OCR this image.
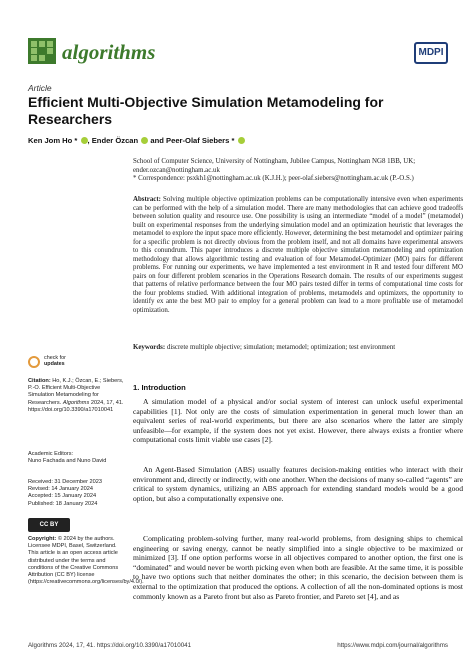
algorithms	MDPI
Article
Efficient Multi-Objective Simulation Metamodeling for Researchers
Ken Jom Ho * , Ender Özcan and Peer-Olaf Siebers *
School of Computer Science, University of Nottingham, Jubilee Campus, Nottingham NG8 1BB, UK;
ender.ozcan@nottingham.ac.uk
* Correspondence: psxkh1@nottingham.ac.uk (K.J.H.); peer-olaf.siebers@nottingham.ac.uk (P.-O.S.)
Abstract: Solving multiple objective optimization problems can be computationally intensive even when experiments can be performed with the help of a simulation model. There are many methodologies that can achieve good tradeoffs between solution quality and resource use. One possibility is using an intermediate “model of a model” (metamodel) built on experimental responses from the underlying simulation model and an optimization heuristic that leverages the metamodel to explore the input space more efficiently. However, determining the best metamodel and optimizer pairing for a specific problem is not directly obvious from the problem itself, and not all domains have experimental answers to this conundrum. This paper introduces a discrete multiple objective simulation metamodeling and optimization methodology that allows algorithmic testing and evaluation of four Metamodel-Optimizer (MO) pairs for different problems. For running our experiments, we have implemented a test environment in R and tested four different MO pairs on four different problem scenarios in the Operations Research domain. The results of our experiments suggest that patterns of relative performance between the four MO pairs tested differ in terms of computational time costs for the four problems studied. With additional integration of problems, metamodels and optimizers, the opportunity to identify ex ante the best MO pair to employ for a general problem can lead to a more profitable use of metamodel optimization.
Keywords: discrete multiple objective; simulation; metamodel; optimization; test environment
check for
updates
Citation: Ho, K.J.; Özcan, E.; Siebers, P.-O. Efficient Multi-Objective Simulation Metamodeling for Researchers. Algorithms 2024, 17, 41. https://doi.org/10.3390/a17010041
Academic Editors:
Nuno Fachada and Nuno David
Received: 31 December 2023
Revised: 14 January 2024
Accepted: 15 January 2024
Published: 18 January 2024
CC BY
Copyright: © 2024 by the authors. Licensee MDPI, Basel, Switzerland. This article is an open access article distributed under the terms and conditions of the Creative Commons Attribution (CC BY) license (https://creativecommons.org/licenses/by/4.0/).
1. Introduction
A simulation model of a physical and/or social system of interest can unlock useful experimental capabilities [1]. Not only are the costs of simulation experimentation in general much lower than an equivalent series of real-world experiments, but there are also scenarios where the latter are simply unfeasible—for example, if the system does not yet exist. However, there always exists a frontier where computational costs limit viable use cases [2].
An Agent-Based Simulation (ABS) usually features decision-making entities who interact with their environment and, directly or indirectly, with one another. When the decisions of many so-called “agents” are critical to system dynamics, utilizing an ABS approach for extending standard models would be a good option, but also a computationally expensive one.
Complicating problem-solving further, many real-world problems, from designing ships to chemical engineering or saving energy, cannot be neatly simplified into a single objective to be maximized or minimized [3]. If one option performs worse in all objectives compared to another option, the first one is “dominated” and would never be worth picking even when both are feasible. At the same time, it is possible to have two options such that neither dominates the other; in this scenario, the decision between them is external to the optimization that produced the options. A collection of all the non-dominated options is most commonly known as a Pareto front but also as Pareto frontier, and Pareto set [4], and as
Algorithms 2024, 17, 41. https://doi.org/10.3390/a17010041	https://www.mdpi.com/journal/algorithms
